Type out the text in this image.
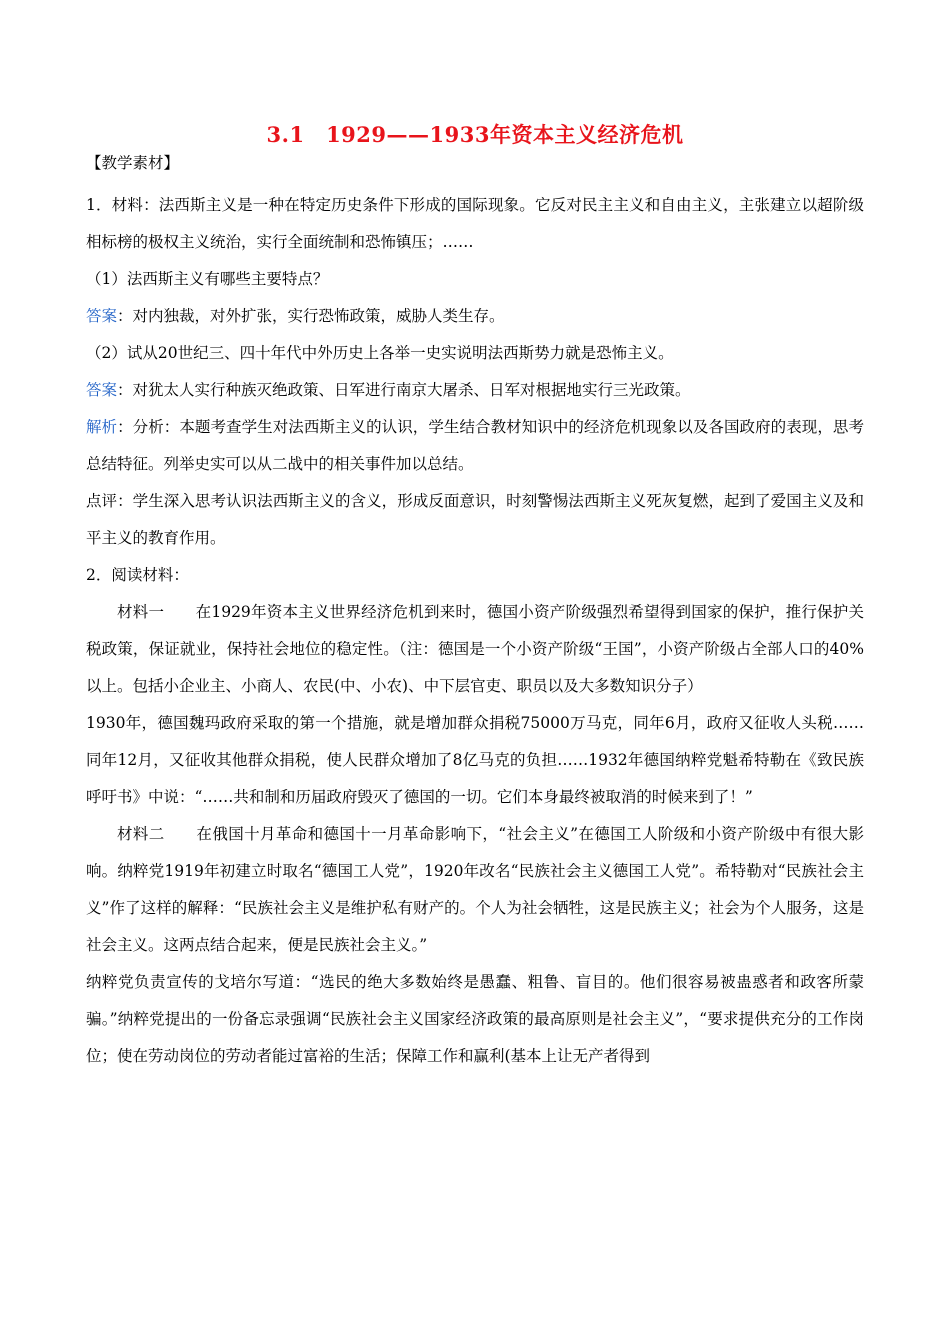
3.1　1929——1933年资本主义经济危机

【教学素材】

1．材料：法西斯主义是一种在特定历史条件下形成的国际现象。它反对民主主义和自由主义，主张建立以超阶级相标榜的极权主义统治，实行全面统制和恐怖镇压；……

（1）法西斯主义有哪些主要特点？

答案：对内独裁，对外扩张，实行恐怖政策，威胁人类生存。

（2）试从20世纪三、四十年代中外历史上各举一史实说明法西斯势力就是恐怖主义。

答案：对犹太人实行种族灭绝政策、日军进行南京大屠杀、日军对根据地实行三光政策。

解析：分析：本题考查学生对法西斯主义的认识，学生结合教材知识中的经济危机现象以及各国政府的表现，思考总结特征。列举史实可以从二战中的相关事件加以总结。

点评：学生深入思考认识法西斯主义的含义，形成反面意识，时刻警惕法西斯主义死灰复燃，起到了爱国主义及和平主义的教育作用。

2．阅读材料：

材料一　　在1929年资本主义世界经济危机到来时，德国小资产阶级强烈希望得到国家的保护，推行保护关税政策，保证就业，保持社会地位的稳定性。（注：德国是一个小资产阶级“王国”，小资产阶级占全部人口的40%以上。包括小企业主、小商人、农民(中、小农)、中下层官吏、职员以及大多数知识分子）

1930年，德国魏玛政府采取的第一个措施，就是增加群众捐税75000万马克，同年6月，政府又征收人头税……同年12月，又征收其他群众捐税，使人民群众增加了8亿马克的负担……1932年德国纳粹党魁希特勒在《致民族呼吁书》中说：“……共和制和历届政府毁灭了德国的一切。它们本身最终被取消的时候来到了！”

材料二　　在俄国十月革命和德国十一月革命影响下，“社会主义”在德国工人阶级和小资产阶级中有很大影响。纳粹党1919年初建立时取名“德国工人党”，1920年改名“民族社会主义德国工人党”。希特勒对“民族社会主义”作了这样的解释：“民族社会主义是维护私有财产的。个人为社会牺牲，这是民族主义；社会为个人服务，这是社会主义。这两点结合起来，便是民族社会主义。”

纳粹党负责宣传的戈培尔写道：“选民的绝大多数始终是愚蠢、粗鲁、盲目的。他们很容易被蛊惑者和政客所蒙骗。”纳粹党提出的一份备忘录强调“民族社会主义国家经济政策的最高原则是社会主义”，“要求提供充分的工作岗位；使在劳动岗位的劳动者能过富裕的生活；保障工作和赢利(基本上让无产者得到
